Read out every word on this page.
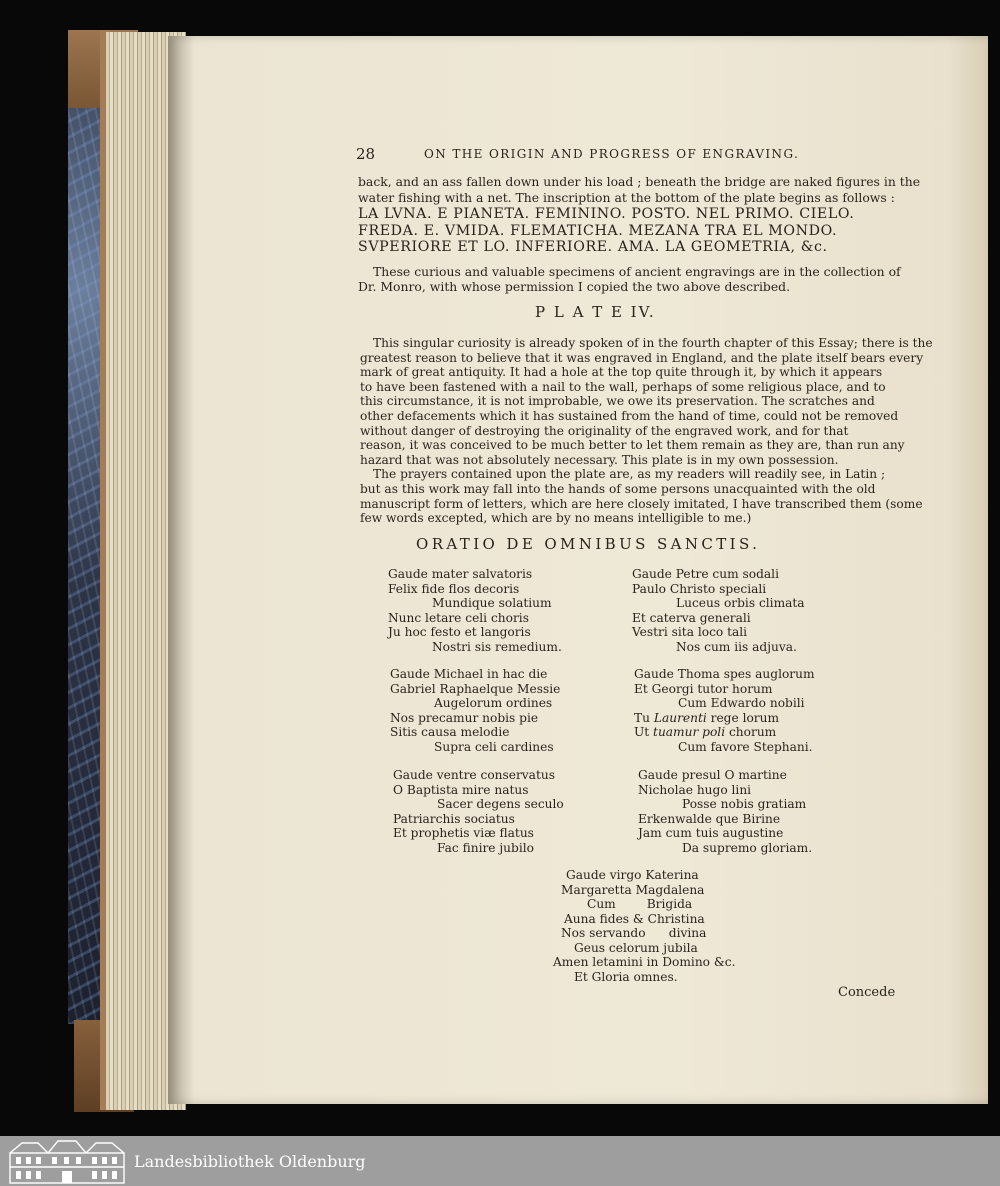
28	ON THE ORIGIN AND PROGRESS OF ENGRAVING.

back, and an ass fallen down under his load ; beneath the bridge are naked figures in the

water fishing with a net. The inscription at the bottom of the plate begins as follows :

LA LVNA. E PIANETA. FEMININO. POSTO. NEL PRIMO. CIELO.

FREDA. E. VMIDA. FLEMATICHA. MEZANA TRA EL MONDO.

SVPERIORE ET LO. INFERIORE. AMA. LA GEOMETRIA, &c.

These curious and valuable specimens of ancient engravings are in the collection of

Dr. Monro, with whose permission I copied the two above described.

P L A T E IV.

This singular curiosity is already spoken of in the fourth chapter of this Essay; there is the

greatest reason to believe that it was engraved in England, and the plate itself bears every

mark of great antiquity. It had a hole at the top quite through it, by which it appears

to have been fastened with a nail to the wall, perhaps of some religious place, and to

this circumstance, it is not improbable, we owe its preservation. The scratches and

other defacements which it has sustained from the hand of time, could not be removed

without danger of destroying the originality of the engraved work, and for that

reason, it was conceived to be much better to let them remain as they are, than run any

hazard that was not absolutely necessary. This plate is in my own possession.

The prayers contained upon the plate are, as my readers will readily see, in Latin ;

but as this work may fall into the hands of some persons unacquainted with the old

manuscript form of letters, which are here closely imitated, I have transcribed them (some

few words excepted, which are by no means intelligible to me.)

ORATIO DE OMNIBUS SANCTIS.

Gaude mater salvatoris

Felix fide flos decoris

Mundique solatium

Nunc letare celi choris

Ju hoc festo et langoris

Nostri sis remedium.

Gaude Petre cum sodali

Paulo Christo speciali

Luceus orbis climata

Et caterva generali

Vestri sita loco tali

Nos cum iis adjuva.

Gaude Michael in hac die

Gabriel Raphaelque Messie

Augelorum ordines

Nos precamur nobis pie

Sitis causa melodie

Supra celi cardines

Gaude Thoma spes auglorum

Et Georgi tutor horum

Cum Edwardo nobili

Tu Laurenti rege lorum

Ut tuamur poli chorum

Cum favore Stephani.

Gaude ventre conservatus

O Baptista mire natus

Sacer degens seculo

Patriarchis sociatus

Et prophetis viæ flatus

Fac finire jubilo

Gaude presul O martine

Nicholae hugo lini

Posse nobis gratiam

Erkenwalde que Birine

Jam cum tuis augustine

Da supremo gloriam.

Gaude virgo Katerina

Margaretta Magdalena

Cum        Brigida

Auna fides & Christina

Nos servando      divina

Geus celorum jubila

Amen letamini in Domino &c.

Et Gloria omnes.

Concede

Landesbibliothek Oldenburg
